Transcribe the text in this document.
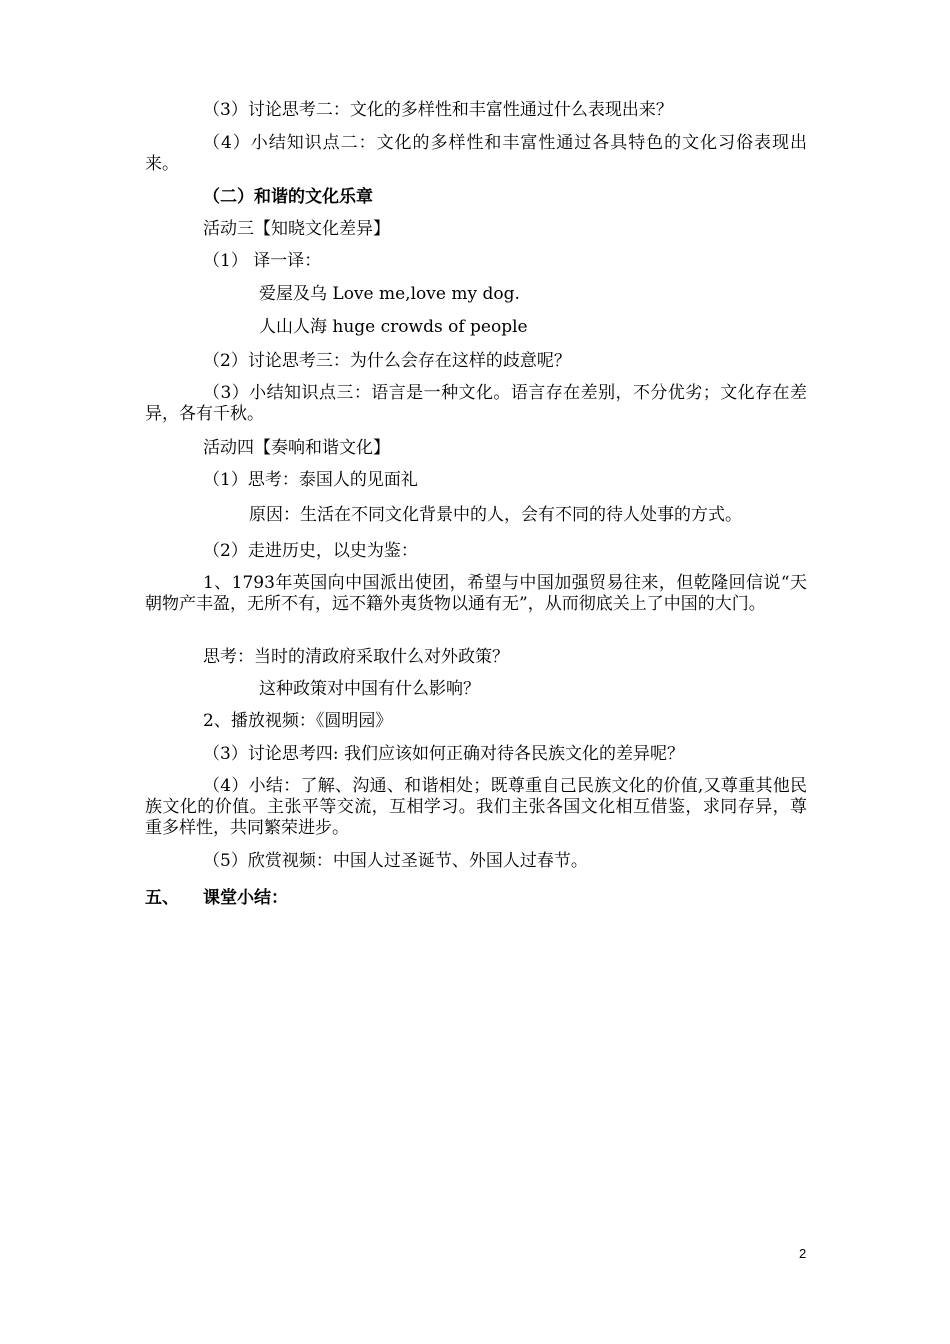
（3）讨论思考二：文化的多样性和丰富性通过什么表现出来？
（4）小结知识点二：文化的多样性和丰富性通过各具特色的文化习俗表现出来。
（二）和谐的文化乐章
活动三【知晓文化差异】
（1） 译一译：
爱屋及乌 Love me,love my dog.
人山人海 huge crowds of people
（2）讨论思考三：为什么会存在这样的歧意呢？
（3）小结知识点三：语言是一种文化。语言存在差别，不分优劣；文化存在差异，各有千秋。
活动四【奏响和谐文化】
（1）思考：泰国人的见面礼
原因：生活在不同文化背景中的人，会有不同的待人处事的方式。
（2）走进历史，以史为鉴：
1、1793年英国向中国派出使团，希望与中国加强贸易往来，但乾隆回信说“天朝物产丰盈，无所不有，远不籍外夷货物以通有无”，从而彻底关上了中国的大门。
思考：当时的清政府采取什么对外政策？
这种政策对中国有什么影响？
2、播放视频：《圆明园》
（3）讨论思考四: 我们应该如何正确对待各民族文化的差异呢？
（4）小结：了解、沟通、和谐相处；既尊重自己民族文化的价值,又尊重其他民族文化的价值。主张平等交流，互相学习。我们主张各国文化相互借鉴，求同存异，尊重多样性，共同繁荣进步。
（5）欣赏视频：中国人过圣诞节、外国人过春节。
五、 课堂小结：
2
